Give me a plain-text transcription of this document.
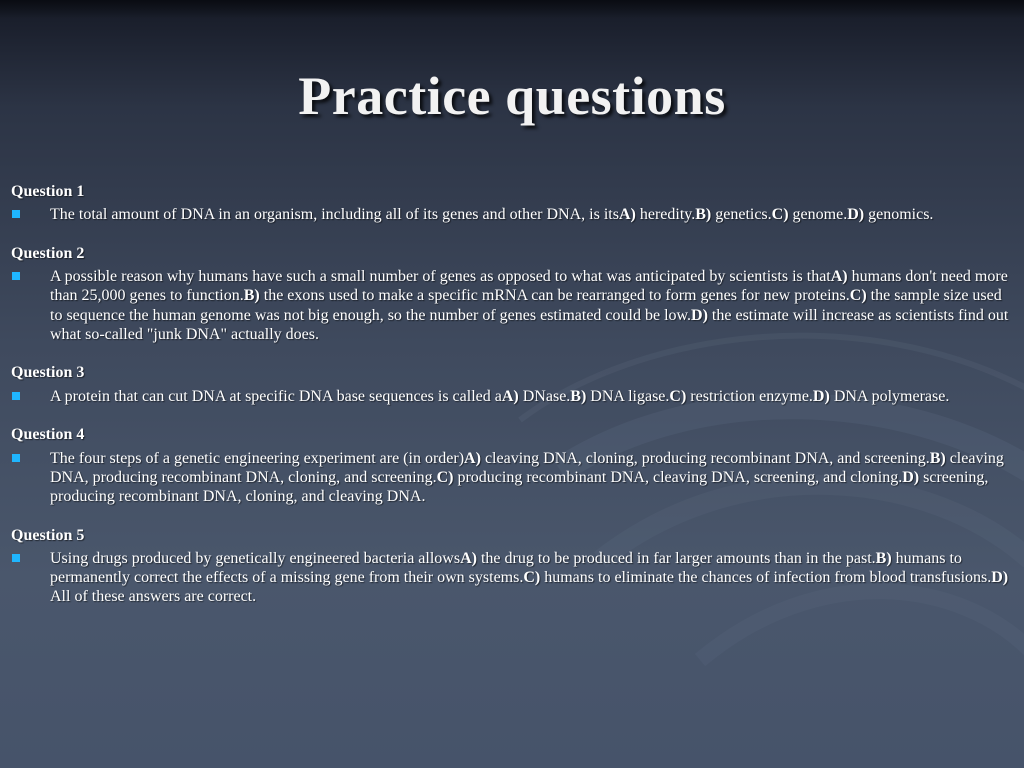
Practice questions

Question 1

The total amount of DNA in an organism, including all of its genes and other DNA, is itsA) heredity.B) genetics.C) genome.D) genomics.

Question 2

A possible reason why humans have such a small number of genes as opposed to what was anticipated by scientists is thatA) humans don't need more than 25,000 genes to function.B) the exons used to make a specific mRNA can be rearranged to form genes for new proteins.C) the sample size used to sequence the human genome was not big enough, so the number of genes estimated could be low.D) the estimate will increase as scientists find out what so-called "junk DNA" actually does.

Question 3

A protein that can cut DNA at specific DNA base sequences is called aA) DNase.B) DNA ligase.C) restriction enzyme.D) DNA polymerase.

Question 4

The four steps of a genetic engineering experiment are (in order)A) cleaving DNA, cloning, producing recombinant DNA, and screening.B) cleaving DNA, producing recombinant DNA, cloning, and screening.C) producing recombinant DNA, cleaving DNA, screening, and cloning.D) screening, producing recombinant DNA, cloning, and cleaving DNA.

Question 5

Using drugs produced by genetically engineered bacteria allowsA) the drug to be produced in far larger amounts than in the past.B) humans to permanently correct the effects of a missing gene from their own systems.C) humans to eliminate the chances of infection from blood transfusions.D) All of these answers are correct.
